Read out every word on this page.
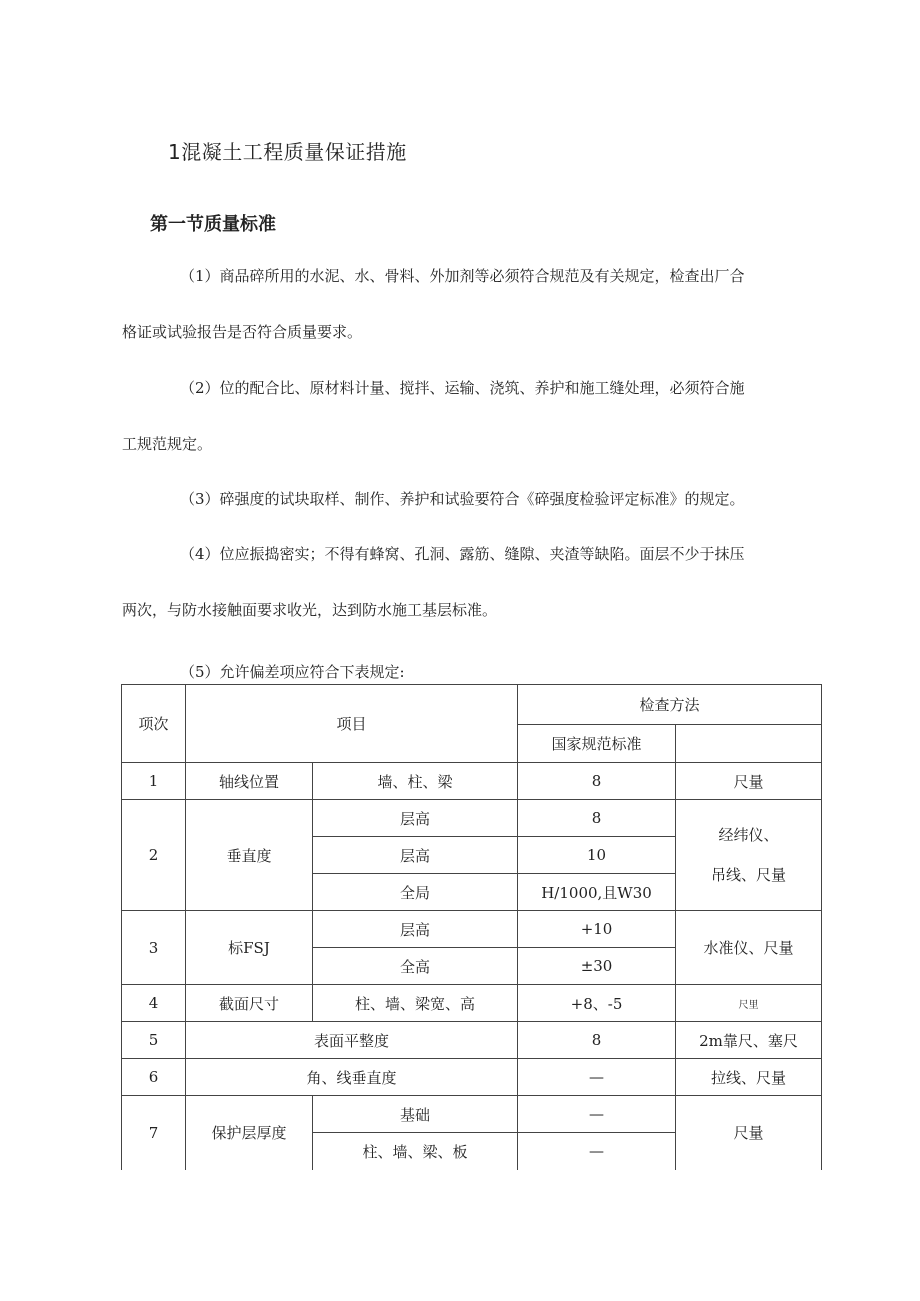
1混凝土工程质量保证措施
第一节质量标准
（1）商品碎所用的水泥、水、骨料、外加剂等必须符合规范及有关规定，检查出厂合
格证或试验报告是否符合质量要求。
（2）位的配合比、原材料计量、搅拌、运输、浇筑、养护和施工缝处理，必须符合施
工规范规定。
（3）碎强度的试块取样、制作、养护和试验要符合《碎强度检验评定标准》的规定。
（4）位应振捣密实；不得有蜂窝、孔洞、露筋、缝隙、夹渣等缺陷。面层不少于抹压
两次，与防水接触面要求收光，达到防水施工基层标准。
（5）允许偏差项应符合下表规定:
项次	项目		检查方法	
			国家规范标准	
1	轴线位置	墙、柱、梁	8	尺量
2	垂直度	层高	8	经纬仪、
吊线、尺量

		层高	10	
		全局	H/1000,且W30	
3	标FSJ	层高	+10	水准仪、尺量
		全高	±30	
4	截面尺寸	柱、墙、梁宽、高	+8、-5	尺里
5	表面平整度		8	2m靠尺、塞尺
6	角、线垂直度		—	拉线、尺量
7	保护层厚度	基础	—	尺量
		柱、墙、梁、板	—	
